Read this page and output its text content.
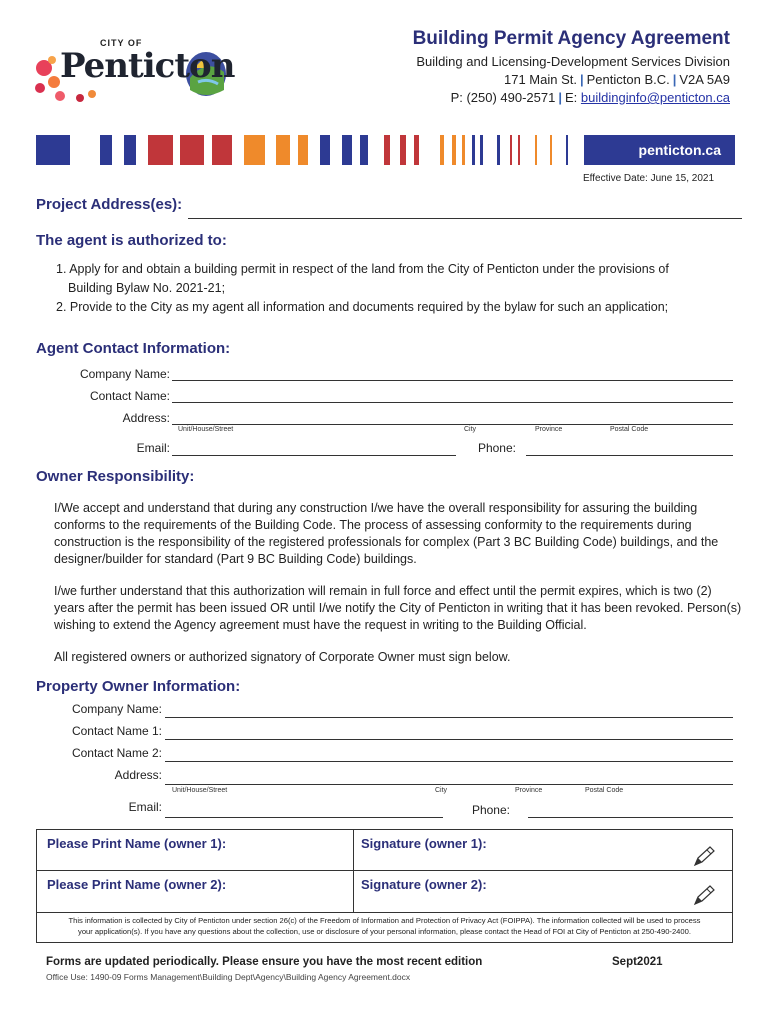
CITY OF
Penticton
Building Permit Agency Agreement
Building and Licensing-Development Services Division
171 Main St. | Penticton B.C. | V2A 5A9
P: (250) 490-2571 | E: buildinginfo@penticton.ca
penticton.ca
Effective Date: June 15, 2021
Project Address(es):
The agent is authorized to:
1. Apply for and obtain a building permit in respect of the land from the City of Penticton under the provisions of
Building Bylaw No. 2021-21;
2. Provide to the City as my agent all information and documents required by the bylaw for such an application;
Agent Contact Information:
Company Name:
Contact Name:
Address:
Unit/House/Street	City	Province	Postal Code
Email:	Phone:
Owner Responsibility:
I/We accept and understand that during any construction I/we have the overall responsibility for assuring the building conforms to the requirements of the Building Code. The process of assessing conformity to the requirements during construction is the responsibility of the registered professionals for complex (Part 3 BC Building Code) buildings, and the designer/builder for standard (Part 9 BC Building Code) buildings.
I/we further understand that this authorization will remain in full force and effect until the permit expires, which is two (2) years after the permit has been issued OR until I/we notify the City of Penticton in writing that it has been revoked. Person(s) wishing to extend the Agency agreement must have the request in writing to the Building Official.
All registered owners or authorized signatory of Corporate Owner must sign below.
Property Owner Information:
Company Name:
Contact Name 1:
Contact Name 2:
Address:
Unit/House/Street	City	Province	Postal Code
Email:	Phone:
Please Print Name (owner 1):	Signature (owner 1):
Please Print Name (owner 2):	Signature (owner 2):
This information is collected by City of Penticton under section 26(c) of the Freedom of Information and Protection of Privacy Act (FOIPPA). The information collected will be used to process
your application(s). If you have any questions about the collection, use or disclosure of your personal information, please contact the Head of FOI at City of Penticton at 250-490-2400.
Forms are updated periodically. Please ensure you have the most recent edition
Office Use: 1490-09 Forms Management\Building Dept\Agency\Building Agency Agreement.docx
Sept2021
